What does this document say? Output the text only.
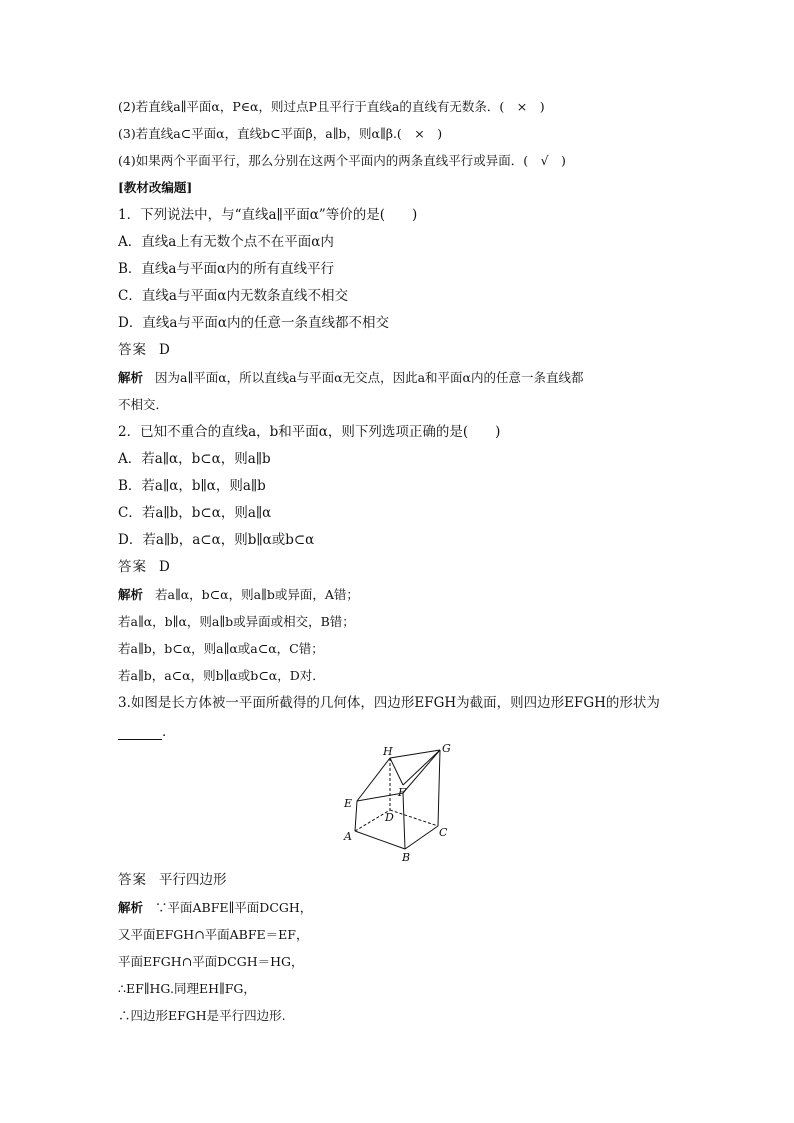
(2)若直线a∥平面α，P∈α，则过点P且平行于直线a的直线有无数条．(　×　)
(3)若直线a⊂平面α，直线b⊂平面β，a∥b，则α∥β.(　×　)
(4)如果两个平面平行，那么分别在这两个平面内的两条直线平行或异面．(　√　)
[教材改编题]
1．下列说法中，与“直线a∥平面α”等价的是(　　)
A．直线a上有无数个点不在平面α内
B．直线a与平面α内的所有直线平行
C．直线a与平面α内无数条直线不相交
D．直线a与平面α内的任意一条直线都不相交
答案 D
解析 因为a∥平面α，所以直线a与平面α无交点，因此a和平面α内的任意一条直线都
不相交．
2．已知不重合的直线a，b和平面α，则下列选项正确的是(　　)
A．若a∥α，b⊂α，则a∥b
B．若a∥α，b∥α，则a∥b
C．若a∥b，b⊂α，则a∥α
D．若a∥b，a⊂α，则b∥α或b⊂α
答案 D
解析 若a∥α，b⊂α，则a∥b或异面，A错；
若a∥α，b∥α，则a∥b或异面或相交，B错；
若a∥b，b⊂α，则a∥α或a⊂α，C错；
若a∥b，a⊂α，则b∥α或b⊂α，D对．
3.如图是长方体被一平面所截得的几何体，四边形EFGH为截面，则四边形EFGH的形状为
．
H	G
E
F
D
A
B
C
答案 平行四边形
解析 ∵平面ABFE∥平面DCGH，
又平面EFGH∩平面ABFE＝EF，
平面EFGH∩平面DCGH＝HG，
∴EF∥HG.同理EH∥FG，
∴四边形EFGH是平行四边形.
